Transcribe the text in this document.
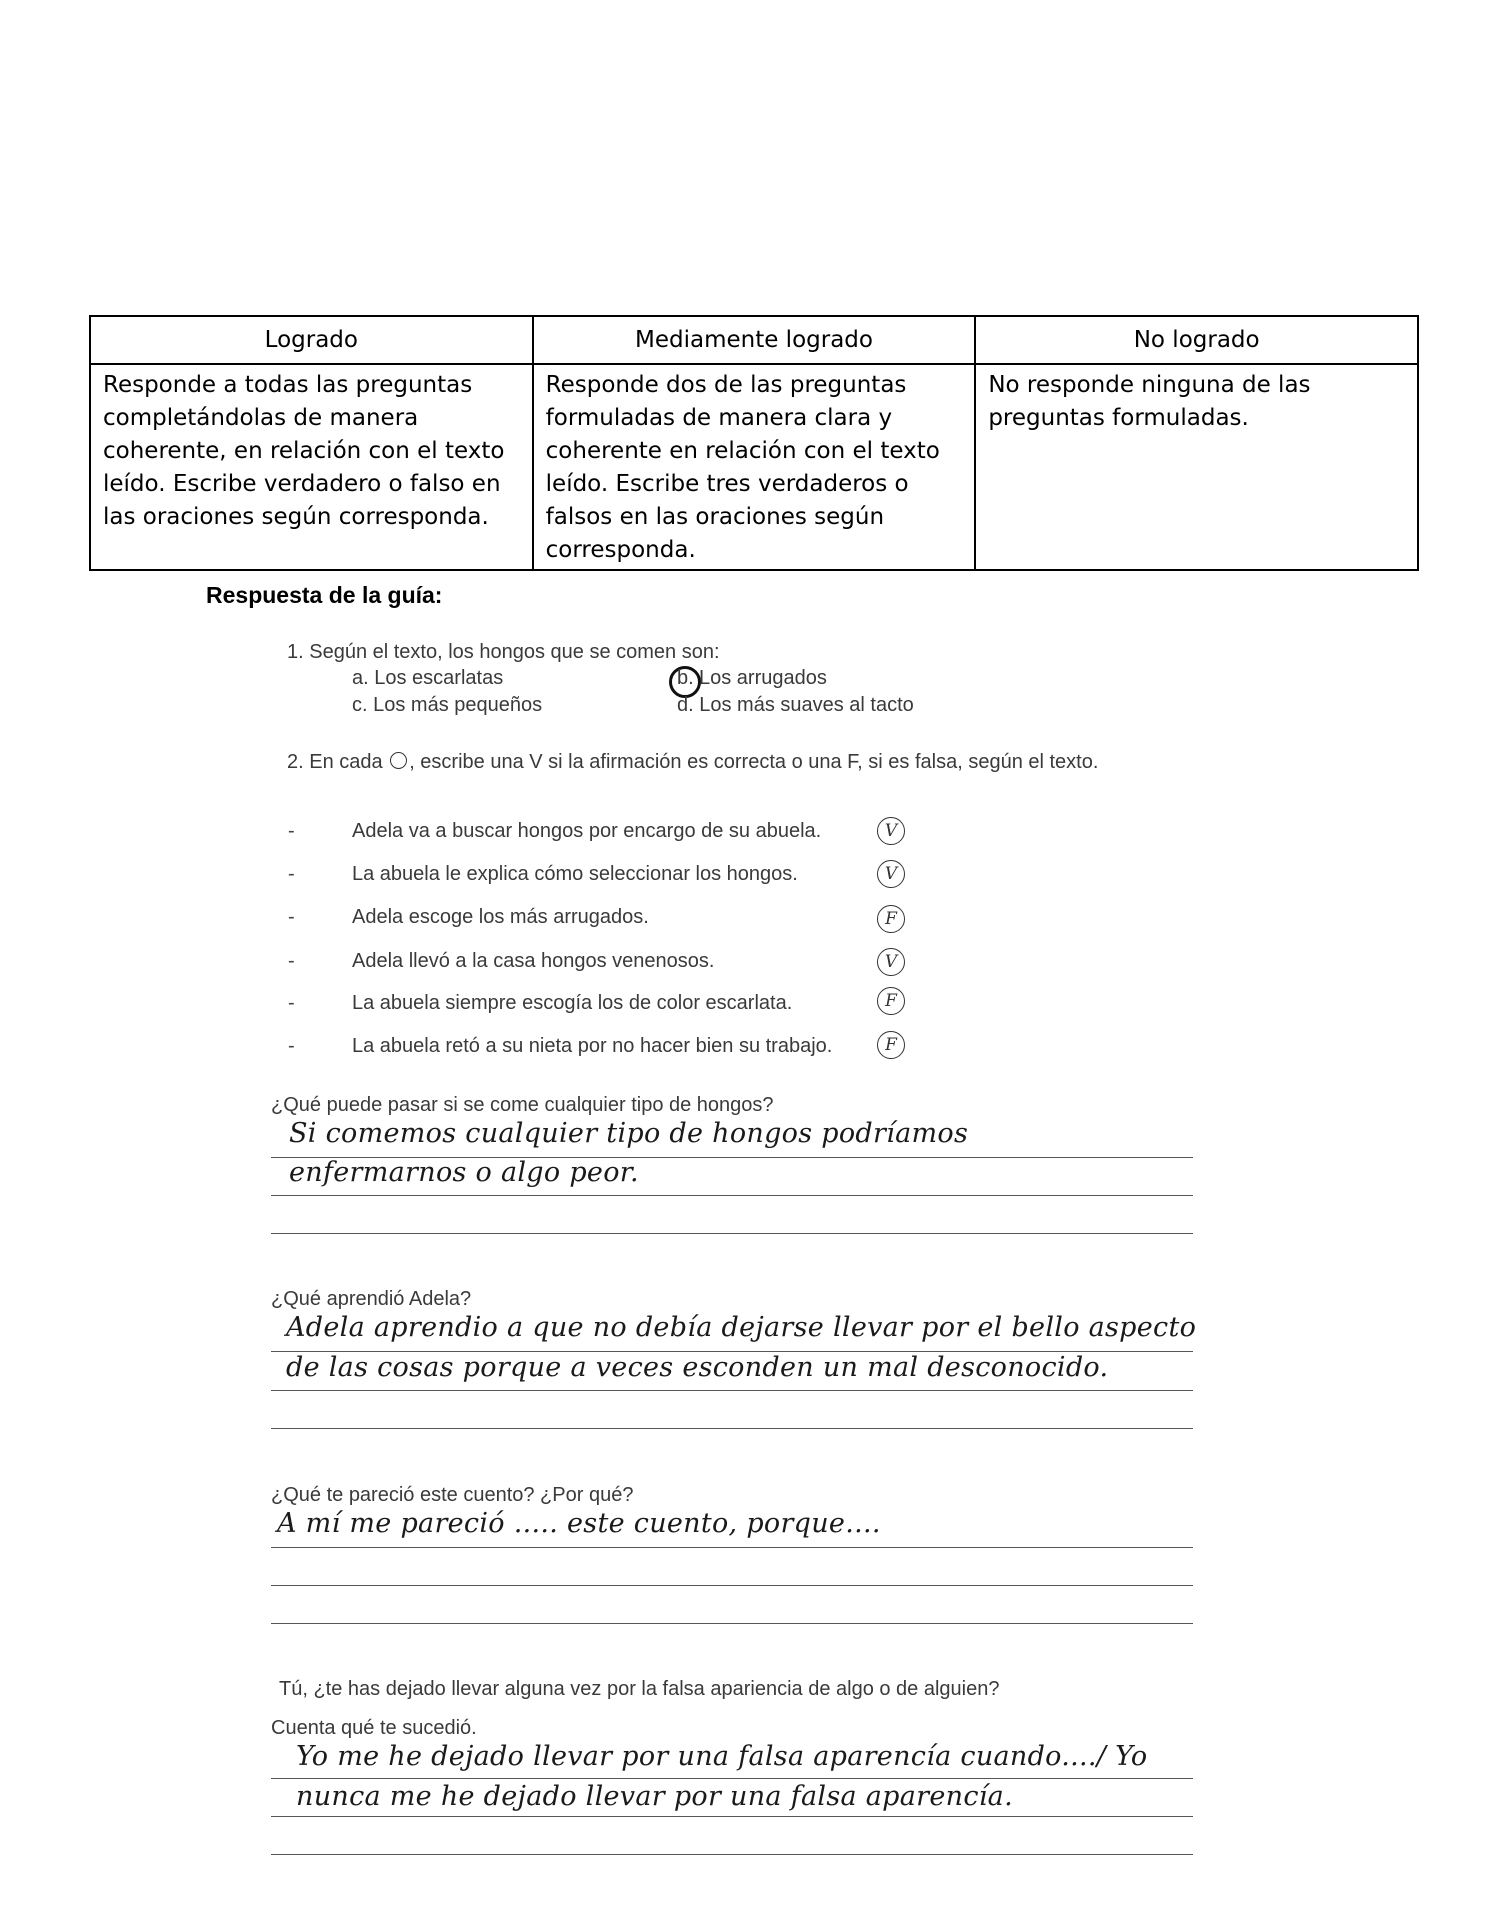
Logrado	Mediamente logrado	No logrado
Responde a todas las preguntas completándolas de manera coherente, en relación con el texto leído. Escribe verdadero o falso en las oraciones según corresponda.	Responde dos de las preguntas formuladas de manera clara y coherente en relación con el texto leído. Escribe tres verdaderos o falsos en las oraciones según corresponda.	No responde ninguna de las preguntas formuladas.
Respuesta de la guía:
1. Según el texto, los hongos que se comen son:
a. Los escarlatas
c. Los más pequeños
b. Los arrugados
d. Los más suaves al tacto
2. En cada , escribe una V si la afirmación es correcta o una F, si es falsa, según el texto.
-	Adela va a buscar hongos por encargo de su abuela.	V
-	La abuela le explica cómo seleccionar los hongos.	V
-	Adela escoge los más arrugados.	F
-	Adela llevó a la casa hongos venenosos.	V
-	La abuela siempre escogía los de color escarlata.	F
-	La abuela retó a su nieta por no hacer bien su trabajo.	F
¿Qué puede pasar si se come cualquier tipo de hongos?
Si comemos cualquier tipo de hongos podríamos
enfermarnos o algo peor.
¿Qué aprendió Adela?
Adela aprendio a que no debía dejarse llevar por el bello aspecto
de las cosas porque a veces esconden un mal desconocido.
¿Qué te pareció este cuento? ¿Por qué?
A mí me pareció ..... este cuento, porque....
Tú, ¿te has dejado llevar alguna vez por la falsa apariencia de algo o de alguien?
Cuenta qué te sucedió.
Yo me he dejado llevar por una falsa aparencía cuando..../ Yo
nunca me he dejado llevar por una falsa aparencía.
